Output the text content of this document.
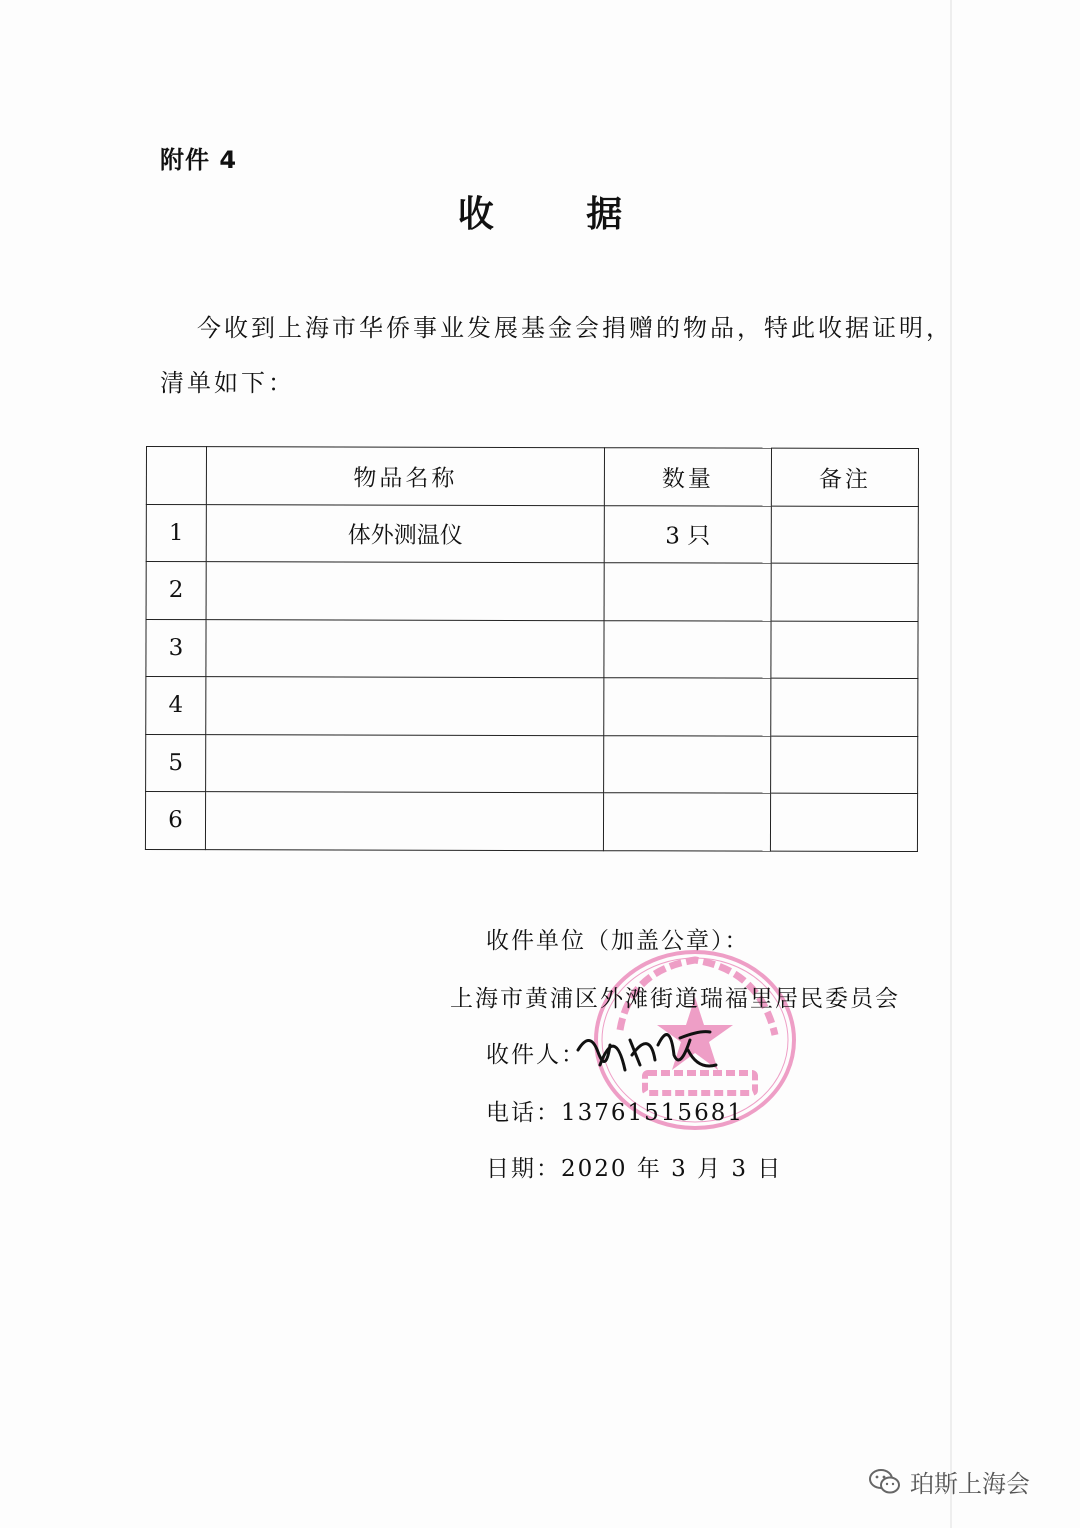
附件 4
收 据
今收到上海市华侨事业发展基金会捐赠的物品，特此收据证明，
清单如下：
	物品名称	数量	备注
1	体外测温仪	3 只	
2			
3			
4			
5			
6			
收件单位（加盖公章）：
上海市黄浦区外滩街道瑞福里居民委员会
收件人：
电话：13761515681
日期：2020 年 3 月 3 日
珀斯上海会
